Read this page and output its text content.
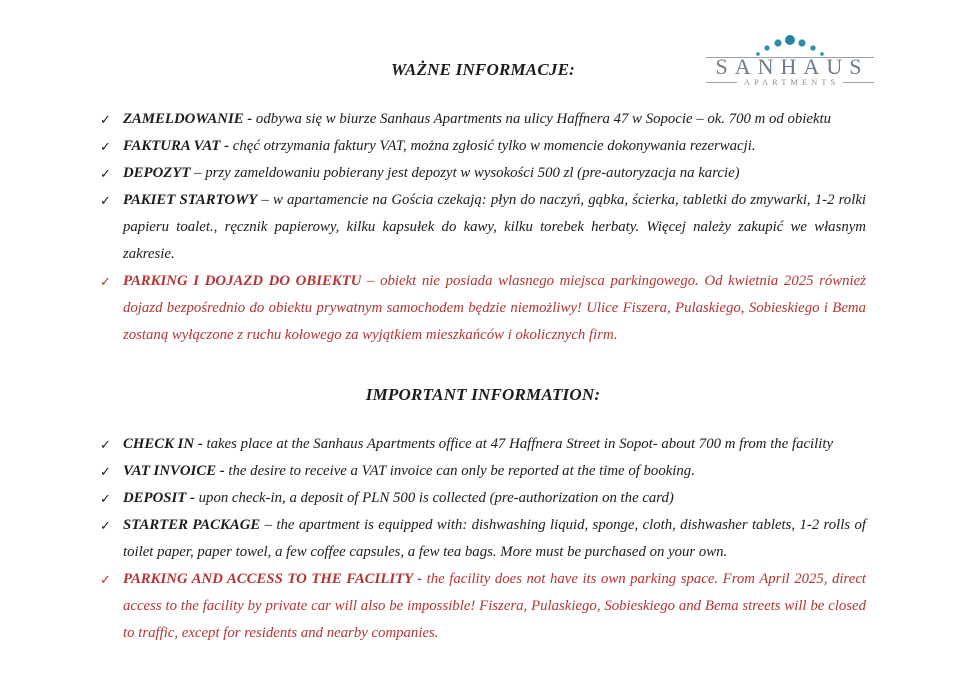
SANHAUS
APARTMENTS
WAŻNE INFORMACJE:
✓ ZAMELDOWANIE - odbywa się w biurze Sanhaus Apartments na ulicy Haffnera 47 w Sopocie – ok. 700 m od obiektu
✓ FAKTURA VAT - chęć otrzymania faktury VAT, można zgłosić tylko w momencie dokonywania rezerwacji.
✓ DEPOZYT – przy zameldowaniu pobierany jest depozyt w wysokości 500 zl (pre-autoryzacja na karcie)
✓ PAKIET STARTOWY – w apartamencie na Gościa czekają: płyn do naczyń, gąbka, ścierka, tabletki do zmywarki, 1-2 rolki papieru toalet., ręcznik papierowy, kilku kapsułek do kawy, kilku torebek herbaty. Więcej należy zakupić we własnym zakresie.
✓ PARKING I DOJAZD DO OBIEKTU – obiekt nie posiada wlasnego miejsca parkingowego. Od kwietnia 2025 również dojazd bezpośrednio do obiektu prywatnym samochodem będzie niemożliwy! Ulice Fiszera, Pulaskiego, Sobieskiego i Bema zostaną wyłączone z ruchu kołowego za wyjątkiem mieszkańców i okolicznych firm.
IMPORTANT INFORMATION:
✓ CHECK IN - takes place at the Sanhaus Apartments office at 47 Haffnera Street in Sopot- about 700 m from the facility
✓ VAT INVOICE - the desire to receive a VAT invoice can only be reported at the time of booking.
✓ DEPOSIT - upon check-in, a deposit of PLN 500 is collected (pre-authorization on the card)
✓ STARTER PACKAGE – the apartment is equipped with: dishwashing liquid, sponge, cloth, dishwasher tablets, 1-2 rolls of toilet paper, paper towel, a few coffee capsules, a few tea bags. More must be purchased on your own.
✓ PARKING AND ACCESS TO THE FACILITY - the facility does not have its own parking space. From April 2025, direct access to the facility by private car will also be impossible! Fiszera, Pulaskiego, Sobieskiego and Bema streets will be closed to traffic, except for residents and nearby companies.
